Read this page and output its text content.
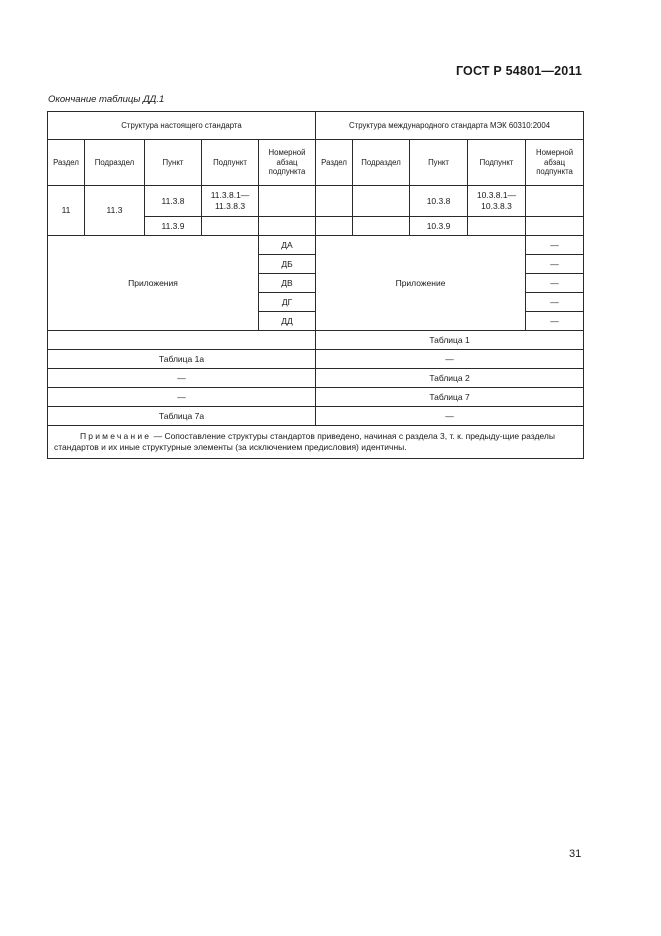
ГОСТ Р 54801—2011
Окончание таблицы ДД.1
Структура настоящего стандарта					Структура международного стандарта МЭК 60310:2004				
Раздел	Подраздел	Пункт	Подпункт	Номерной абзац подпункта	Раздел	Подраздел	Пункт	Подпункт	Номерной абзац подпункта
11	11.3	11.3.8	11.3.8.1—11.3.8.3				10.3.8	10.3.8.1—10.3.8.3	
		11.3.9					10.3.9		
Приложения				ДА	Приложение				—
				ДБ					—
				ДВ					—
				ДГ					—
				ДД					—
					Таблица 1				
Таблица 1а					—				
—					Таблица 2				
—					Таблица 7				
Таблица 7а					—				
Примечание — Сопоставление структуры стандартов приведено, начиная с раздела 3, т. к. предыду-щие разделы стандартов и их иные структурные элементы (за исключением предисловия) идентичны.									
31
